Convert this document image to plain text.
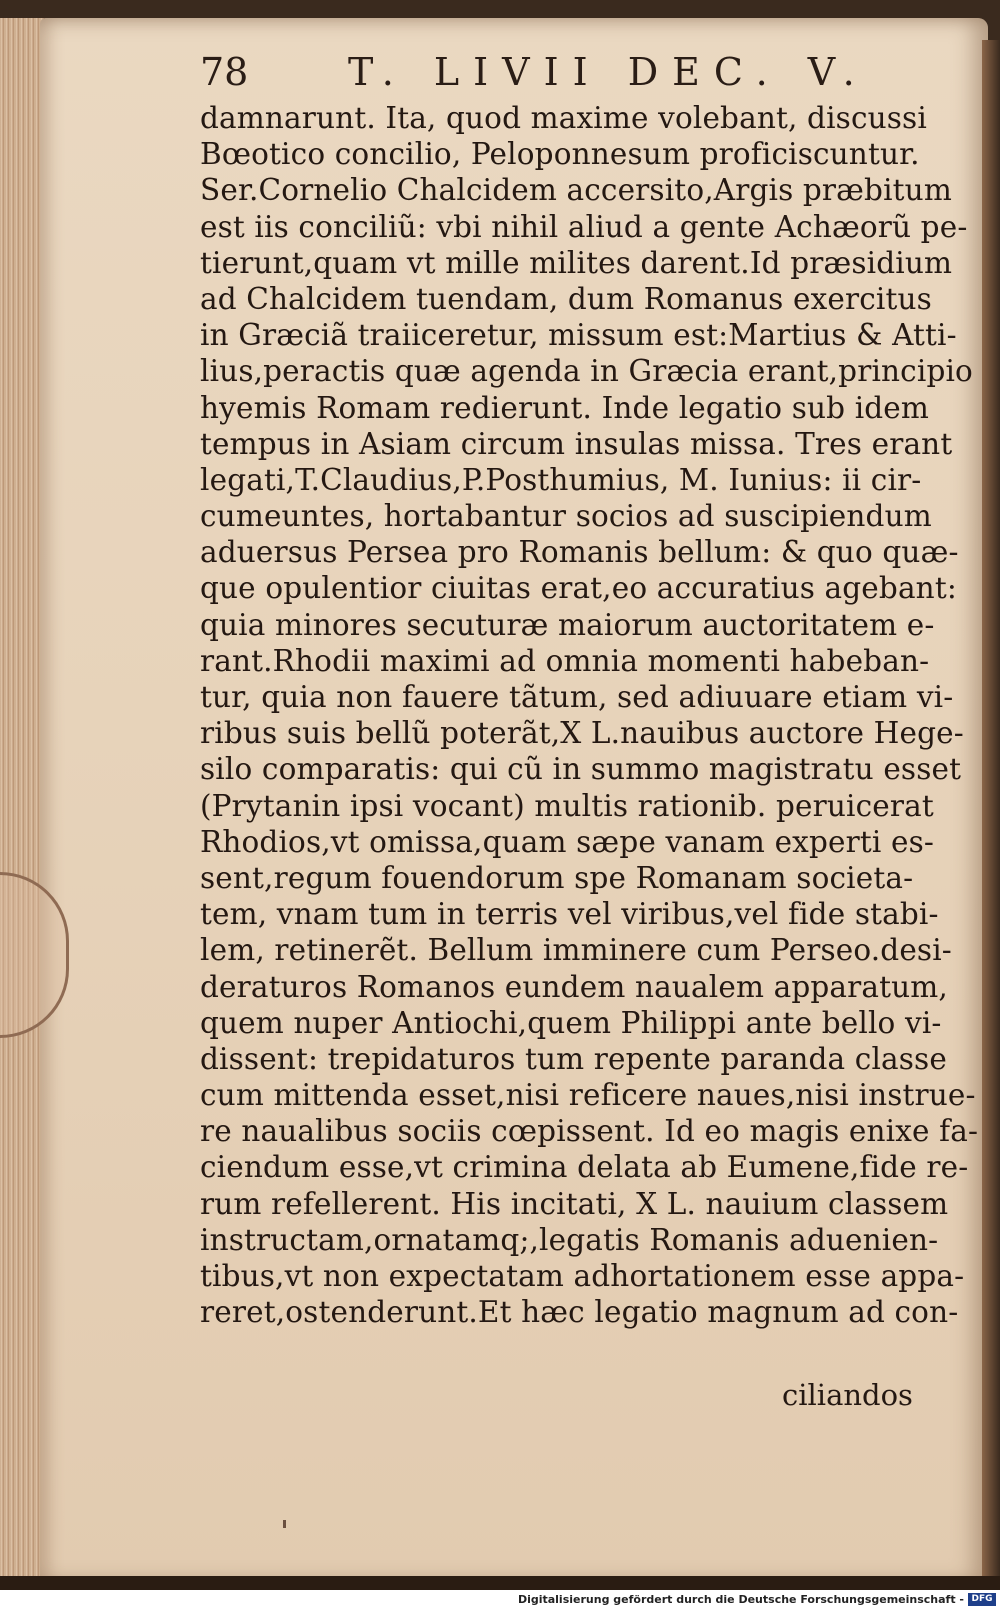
78	T. LIVII DEC. V.
damnarunt. Ita, quod maxime volebant, discussi
Bœotico concilio, Peloponnesum proficiscuntur.
Ser.Cornelio Chalcidem accersito,Argis præbitum
est iis conciliũ: vbi nihil aliud a gente Achæorũ pe-
tierunt,quam vt mille milites darent.Id præsidium
ad Chalcidem tuendam, dum Romanus exercitus
in Græciã traiiceretur, missum est:Martius & Atti-
lius,peractis quæ agenda in Græcia erant,principio
hyemis Romam redierunt. Inde legatio sub idem
tempus in Asiam circum insulas missa. Tres erant
legati,T.Claudius,P.Posthumius, M. Iunius: ii cir-
cumeuntes, hortabantur socios ad suscipiendum
aduersus Persea pro Romanis bellum: & quo quæ-
que opulentior ciuitas erat,eo accuratius agebant:
quia minores secuturæ maiorum auctoritatem e-
rant.Rhodii maximi ad omnia momenti habeban-
tur, quia non fauere tãtum, sed adiuuare etiam vi-
ribus suis bellũ poterãt,X L.nauibus auctore Hege-
silo comparatis: qui cũ in summo magistratu esset
(Prytanin ipsi vocant) multis rationib. peruicerat
Rhodios,vt omissa,quam sæpe vanam experti es-
sent,regum fouendorum spe Romanam societa-
tem, vnam tum in terris vel viribus,vel fide stabi-
lem, retinerẽt. Bellum imminere cum Perseo.desi-
deraturos Romanos eundem naualem apparatum,
quem nuper Antiochi,quem Philippi ante bello vi-
dissent: trepidaturos tum repente paranda classe
cum mittenda esset,nisi reficere naues,nisi instrue-
re naualibus sociis cœpissent. Id eo magis enixe fa-
ciendum esse,vt crimina delata ab Eumene,fide re-
rum refellerent. His incitati, X L. nauium classem
instructam,ornatamq;,legatis Romanis aduenien-
tibus,vt non expectatam adhortationem esse appa-
reret,ostenderunt.Et hæc legatio magnum ad con-
ciliandos
Digitalisierung gefördert durch die Deutsche Forschungsgemeinschaft - DFG
